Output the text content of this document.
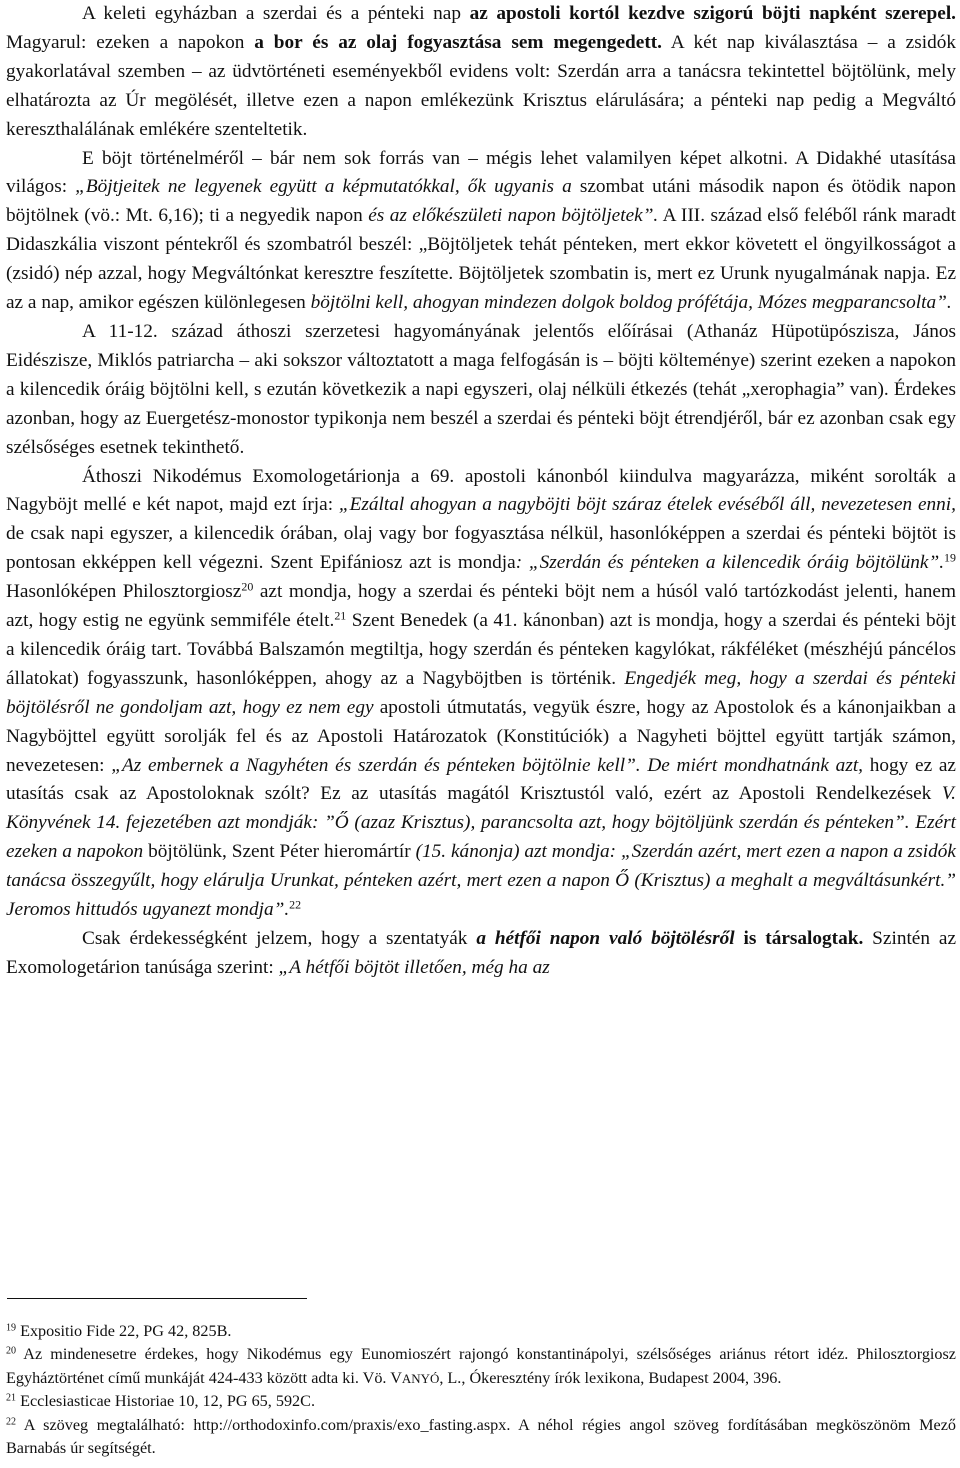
A keleti egyházban a szerdai és a pénteki nap az apostoli kortól kezdve szigorú böjti napként szerepel. Magyarul: ezeken a napokon a bor és az olaj fogyasztása sem megengedett. A két nap kiválasztása – a zsidók gyakorlatával szemben – az üdvtörténeti eseményekből evidens volt: Szerdán arra a tanácsra tekintettel böjtölünk, mely elhatározta az Úr megölését, illetve ezen a napon emlékezünk Krisztus elárulására; a pénteki nap pedig a Megváltó kereszthalálának emlékére szenteltetik.

E böjt történelméről – bár nem sok forrás van – mégis lehet valamilyen képet alkotni. A Didakhé utasítása világos: „Böjtjeitek ne legyenek együtt a képmutatókkal, ők ugyanis a szombat utáni második napon és ötödik napon böjtölnek (vö.: Mt. 6,16); ti a negyedik napon és az előkészületi napon böjtöljetek”. A III. század első feléből ránk maradt Didaszkália viszont péntekről és szombatról beszél: „Böjtöljetek tehát pénteken, mert ekkor követett el öngyilkosságot a (zsidó) nép azzal, hogy Megváltónkat keresztre feszítette. Böjtöljetek szombatin is, mert ez Urunk nyugalmának napja. Ez az a nap, amikor egészen különlegesen böjtölni kell, ahogyan mindezen dolgok boldog prófétája, Mózes megparancsolta”.

A 11-12. század áthoszi szerzetesi hagyományának jelentős előírásai (Athanáz Hüpotüpószisza, János Eidészisze, Miklós patriarcha – aki sokszor változtatott a maga felfogásán is – böjti költeménye) szerint ezeken a napokon a kilencedik óráig böjtölni kell, s ezután következik a napi egyszeri, olaj nélküli étkezés (tehát „xerophagia” van). Érdekes azonban, hogy az Euergetész-monostor typikonja nem beszél a szerdai és pénteki böjt étrendjéről, bár ez azonban csak egy szélsőséges esetnek tekinthető.

Áthoszi Nikodémus Exomologetárionja a 69. apostoli kánonból kiindulva magyarázza, miként sorolták a Nagyböjt mellé e két napot, majd ezt írja: „Ezáltal ahogyan a nagyböjti böjt száraz ételek evéséből áll, nevezetesen enni, de csak napi egyszer, a kilencedik órában, olaj vagy bor fogyasztása nélkül, hasonlóképpen a szerdai és pénteki böjtöt is pontosan ekképpen kell végezni. Szent Epifániosz azt is mondja: „Szerdán és pénteken a kilencedik óráig böjtölünk”.$^{19}$ Hasonlóképen Philosztorgiosz$^{20}$ azt mondja, hogy a szerdai és pénteki böjt nem a húsól való tartózkodást jelenti, hanem azt, hogy estig ne együnk semmiféle ételt.$^{21}$ Szent Benedek (a 41. kánonban) azt is mondja, hogy a szerdai és pénteki böjt a kilencedik óráig tart. Továbbá Balszamón megtiltja, hogy szerdán és pénteken kagylókat, rákféléket (mészhéjú páncélos állatokat) fogyasszunk, hasonlóképpen, ahogy az a Nagyböjtben is történik. Engedjék meg, hogy a szerdai és pénteki böjtölésről ne gondoljam azt, hogy ez nem egy apostoli útmutatás, vegyük észre, hogy az Apostolok és a kánonjaikban a Nagyböjttel együtt sorolják fel és az Apostoli Határozatok (Konstitúciók) a Nagyheti böjttel együtt tartják számon, nevezetesen: „Az embernek a Nagyhéten és szerdán és pénteken böjtölnie kell”. De miért mondhatnánk azt, hogy ez az utasítás csak az Apostoloknak szólt? Ez az utasítás magától Krisztustól való, ezért az Apostoli Rendelkezések V. Könyvének 14. fejezetében azt mondják: ”Ő (azaz Krisztus), parancsolta azt, hogy böjtöljünk szerdán és pénteken”. Ezért ezeken a napokon böjtölünk, Szent Péter hieromártír (15. kánonja) azt mondja: „Szerdán azért, mert ezen a napon a zsidók tanácsa összegyűlt, hogy elárulja Urunkat, pénteken azért, mert ezen a napon Ő (Krisztus) a meghalt a megváltásunkért.” Jeromos hittudós ugyanezt mondja”.$^{22}$

Csak érdekességként jelzem, hogy a szentatyák a hétfői napon való böjtölésről is társalogtak. Szintén az Exomologetárion tanúsága szerint: „A hétfői böjtöt illetően, még ha az

$^{19}$ Expositio Fide 22, PG 42, 825B.

$^{20}$ Az mindenesetre érdekes, hogy Nikodémus egy Eunomioszért rajongó konstantinápolyi, szélsőséges ariánus rétort idéz. Philosztorgiosz Egyháztörténet című munkáját 424-433 között adta ki. Vö. VANYÓ, L., Ókeresztény írók lexikona, Budapest 2004, 396.

$^{21}$ Ecclesiasticae Historiae 10, 12, PG 65, 592C.

$^{22}$ A szöveg megtalálható: http://orthodoxinfo.com/praxis/exo_fasting.aspx. A néhol régies angol szöveg fordításában megköszönöm Mező Barnabás úr segítségét.
